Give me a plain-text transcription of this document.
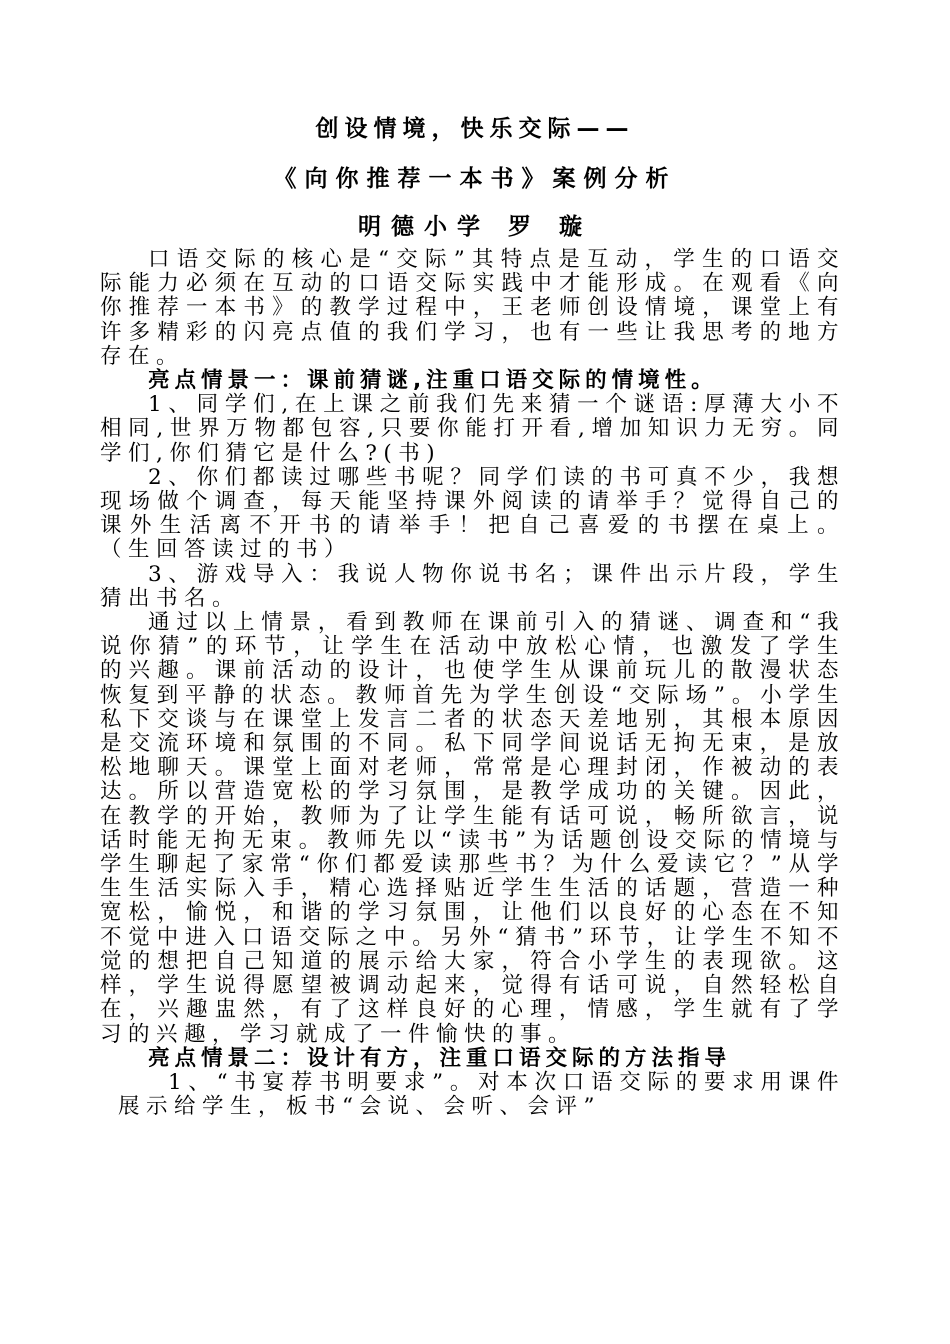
创设情境，快乐交际——
《向你推荐一本书》案例分析
明德小学 罗 璇

口语交际的核心是“交际”其特点是互动，学生的口语交际能力必须在互动的口语交际实践中才能形成。在观看《向你推荐一本书》的教学过程中，王老师创设情境，课堂上有许多精彩的闪亮点值的我们学习，也有一些让我思考的地方存在。

亮点情景一：课前猜谜,注重口语交际的情境性。

1、同学们,在上课之前我们先来猜一个谜语:厚薄大小不相同,世界万物都包容,只要你能打开看,增加知识力无穷。同学们,你们猜它是什么?(书)

2、你们都读过哪些书呢？同学们读的书可真不少，我想现场做个调查，每天能坚持课外阅读的请举手？觉得自己的课外生活离不开书的请举手！把自己喜爱的书摆在桌上。（生回答读过的书）

3、游戏导入：我说人物你说书名；课件出示片段，学生猜出书名。

通过以上情景，看到教师在课前引入的猜谜、调查和“我说你猜”的环节，让学生在活动中放松心情，也激发了学生的兴趣。课前活动的设计，也使学生从课前玩儿的散漫状态恢复到平静的状态。教师首先为学生创设“交际场”。小学生私下交谈与在课堂上发言二者的状态天差地别，其根本原因是交流环境和氛围的不同。私下同学间说话无拘无束，是放松地聊天。课堂上面对老师，常常是心理封闭，作被动的表达。所以营造宽松的学习氛围，是教学成功的关键。因此，在教学的开始，教师为了让学生能有话可说，畅所欲言，说话时能无拘无束。教师先以“读书”为话题创设交际的情境与学生聊起了家常“你们都爱读那些书？为什么爱读它？”从学生生活实际入手，精心选择贴近学生生活的话题，营造一种宽松，愉悦，和谐的学习氛围，让他们以良好的心态在不知不觉中进入口语交际之中。另外“猜书”环节，让学生不知不觉的想把自己知道的展示给大家，符合小学生的表现欲。这样，学生说得愿望被调动起来，觉得有话可说，自然轻松自在，兴趣盅然，有了这样良好的心理，情感，学生就有了学习的兴趣，学习就成了一件愉快的事。

亮点情景二：设计有方，注重口语交际的方法指导

1、“书宴荐书明要求”。对本次口语交际的要求用课件展示给学生，板书“会说、会听、会评”
